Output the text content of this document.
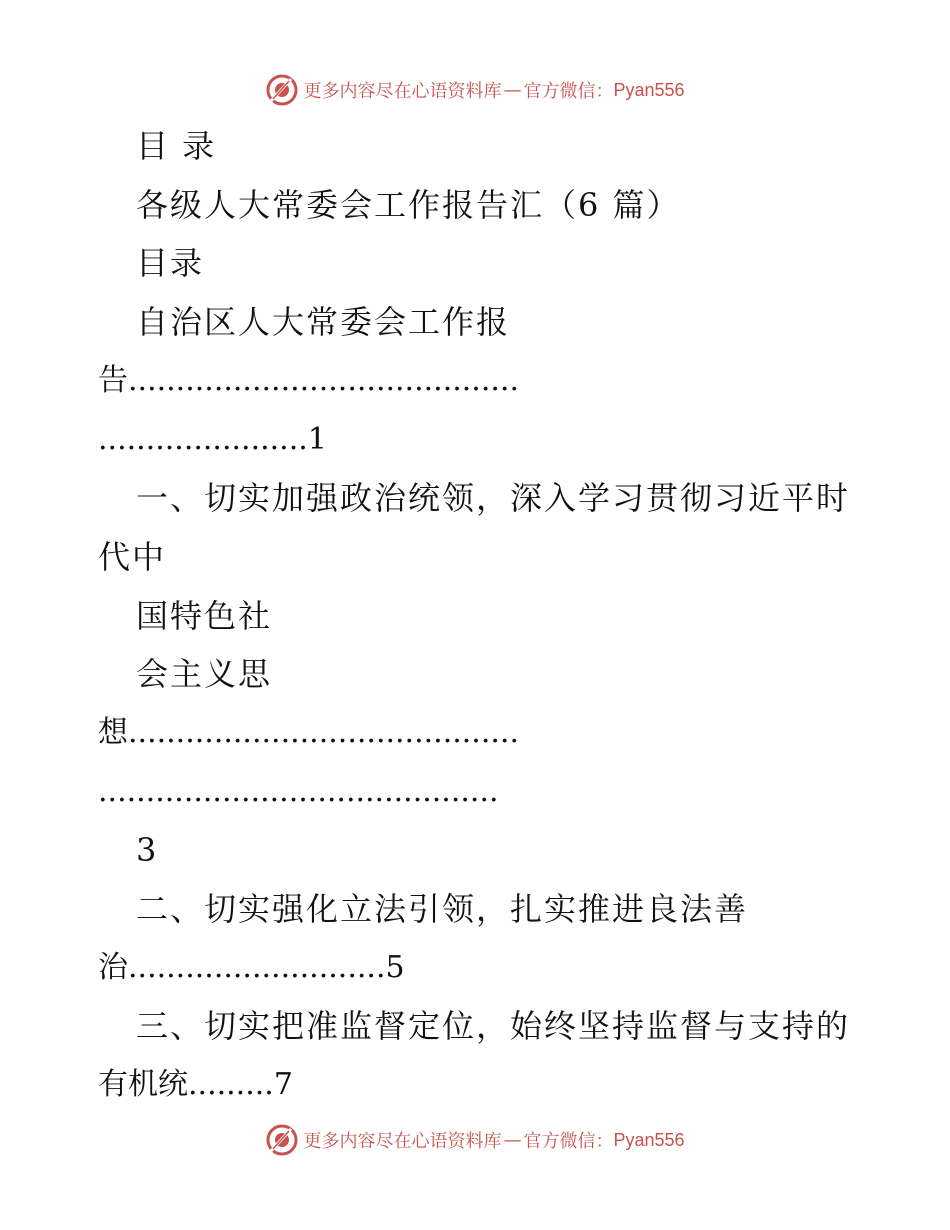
更多内容尽在心语资料库 — 官方微信： Pyan556
目 录
各级人大常委会工作报告汇（6 篇）
目录
自治区人大常委会工作报
告.........................................
......................1
一、切实加强政治统领，深入学习贯彻习近平时
代中
国特色社
会主义思
想.........................................
..........................................
3
二、切实强化立法引领，扎实推进良法善
治...........................5
三、切实把准监督定位，始终坚持监督与支持的
有机统.........7
更多内容尽在心语资料库 — 官方微信： Pyan556
